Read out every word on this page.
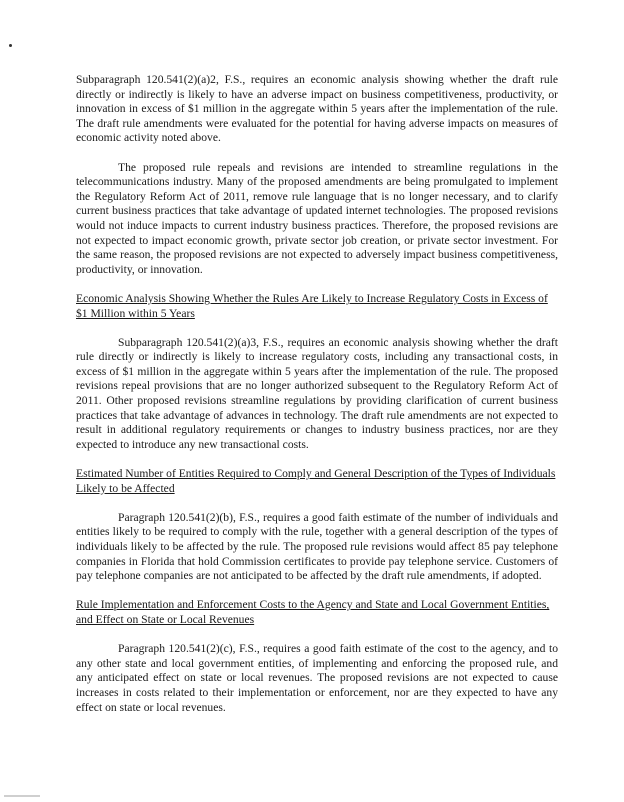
Subparagraph 120.541(2)(a)2, F.S., requires an economic analysis showing whether the draft rule directly or indirectly is likely to have an adverse impact on business competitiveness, productivity, or innovation in excess of $1 million in the aggregate within 5 years after the implementation of the rule. The draft rule amendments were evaluated for the potential for having adverse impacts on measures of economic activity noted above.

The proposed rule repeals and revisions are intended to streamline regulations in the telecommunications industry. Many of the proposed amendments are being promulgated to implement the Regulatory Reform Act of 2011, remove rule language that is no longer necessary, and to clarify current business practices that take advantage of updated internet technologies. The proposed revisions would not induce impacts to current industry business practices. Therefore, the proposed revisions are not expected to impact economic growth, private sector job creation, or private sector investment. For the same reason, the proposed revisions are not expected to adversely impact business competitiveness, productivity, or innovation.

Economic Analysis Showing Whether the Rules Are Likely to Increase Regulatory Costs in Excess of $1 Million within 5 Years

Subparagraph 120.541(2)(a)3, F.S., requires an economic analysis showing whether the draft rule directly or indirectly is likely to increase regulatory costs, including any transactional costs, in excess of $1 million in the aggregate within 5 years after the implementation of the rule. The proposed revisions repeal provisions that are no longer authorized subsequent to the Regulatory Reform Act of 2011. Other proposed revisions streamline regulations by providing clarification of current business practices that take advantage of advances in technology. The draft rule amendments are not expected to result in additional regulatory requirements or changes to industry business practices, nor are they expected to introduce any new transactional costs.

Estimated Number of Entities Required to Comply and General Description of the Types of Individuals Likely to be Affected

Paragraph 120.541(2)(b), F.S., requires a good faith estimate of the number of individuals and entities likely to be required to comply with the rule, together with a general description of the types of individuals likely to be affected by the rule. The proposed rule revisions would affect 85 pay telephone companies in Florida that hold Commission certificates to provide pay telephone service. Customers of pay telephone companies are not anticipated to be affected by the draft rule amendments, if adopted.

Rule Implementation and Enforcement Costs to the Agency and State and Local Government Entities, and Effect on State or Local Revenues

Paragraph 120.541(2)(c), F.S., requires a good faith estimate of the cost to the agency, and to any other state and local government entities, of implementing and enforcing the proposed rule, and any anticipated effect on state or local revenues. The proposed revisions are not expected to cause increases in costs related to their implementation or enforcement, nor are they expected to have any effect on state or local revenues.
